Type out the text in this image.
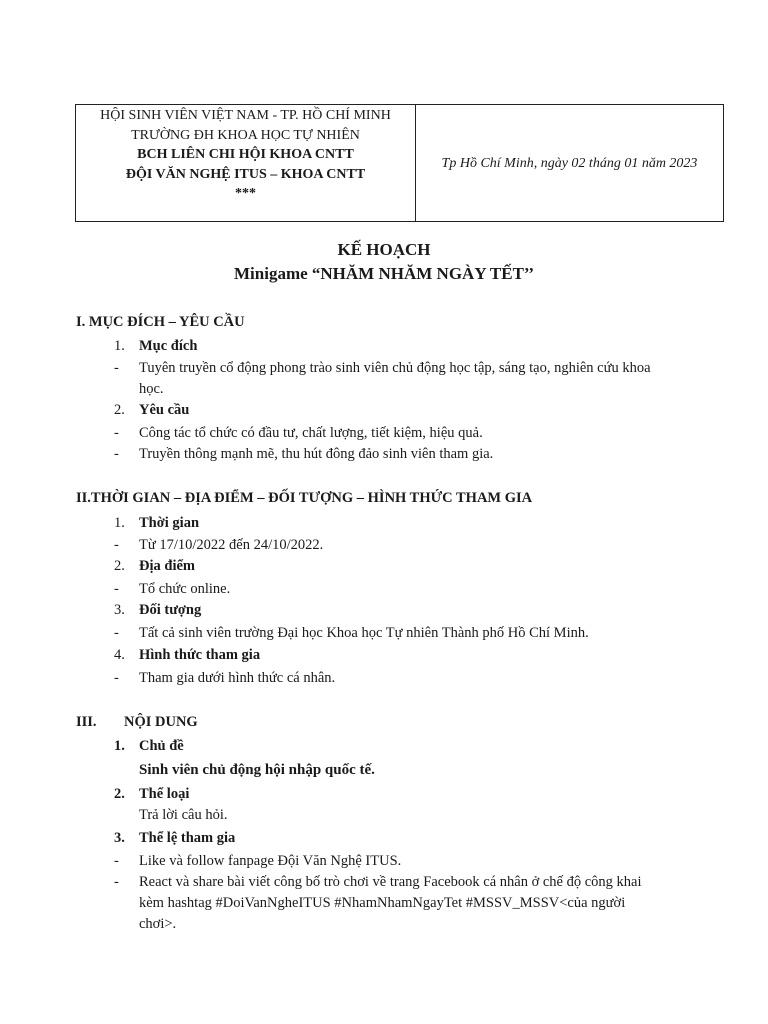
HỘI SINH VIÊN VIỆT NAM - TP. HỒ CHÍ MINH
TRƯỜNG ĐH KHOA HỌC TỰ NHIÊN
BCH LIÊN CHI HỘI KHOA CNTT
ĐỘI VĂN NGHỆ ITUS – KHOA CNTT
***
Tp Hồ Chí Minh, ngày 02 tháng 01 năm 2023
KẾ HOẠCH
Minigame “NHĂM NHĂM NGÀY TẾT’’
I. MỤC ĐÍCH – YÊU CẦU
1. Mục đích
- Tuyên truyền cổ động phong trào sinh viên chủ động học tập, sáng tạo, nghiên cứu khoa học.
2. Yêu cầu
- Công tác tổ chức có đầu tư, chất lượng, tiết kiệm, hiệu quả.
- Truyền thông mạnh mẽ, thu hút đông đảo sinh viên tham gia.
II.THỜI GIAN – ĐỊA ĐIỂM – ĐỐI TƯỢNG – HÌNH THỨC THAM GIA
1. Thời gian
- Từ 17/10/2022 đến 24/10/2022.
2. Địa điểm
- Tổ chức online.
3. Đối tượng
- Tất cả sinh viên trường Đại học Khoa học Tự nhiên Thành phố Hồ Chí Minh.
4. Hình thức tham gia
- Tham gia dưới hình thức cá nhân.
III. NỘI DUNG
1. Chủ đề
Sinh viên chủ động hội nhập quốc tế.
2. Thể loại
Trả lời câu hỏi.
3. Thể lệ tham gia
- Like và follow fanpage Đội Văn Nghệ ITUS.
- React và share bài viết công bố trò chơi về trang Facebook cá nhân ở chế độ công khai kèm hashtag #DoiVanNgheITUS #NhamNhamNgayTet #MSSV_MSSV<của người chơi>.
